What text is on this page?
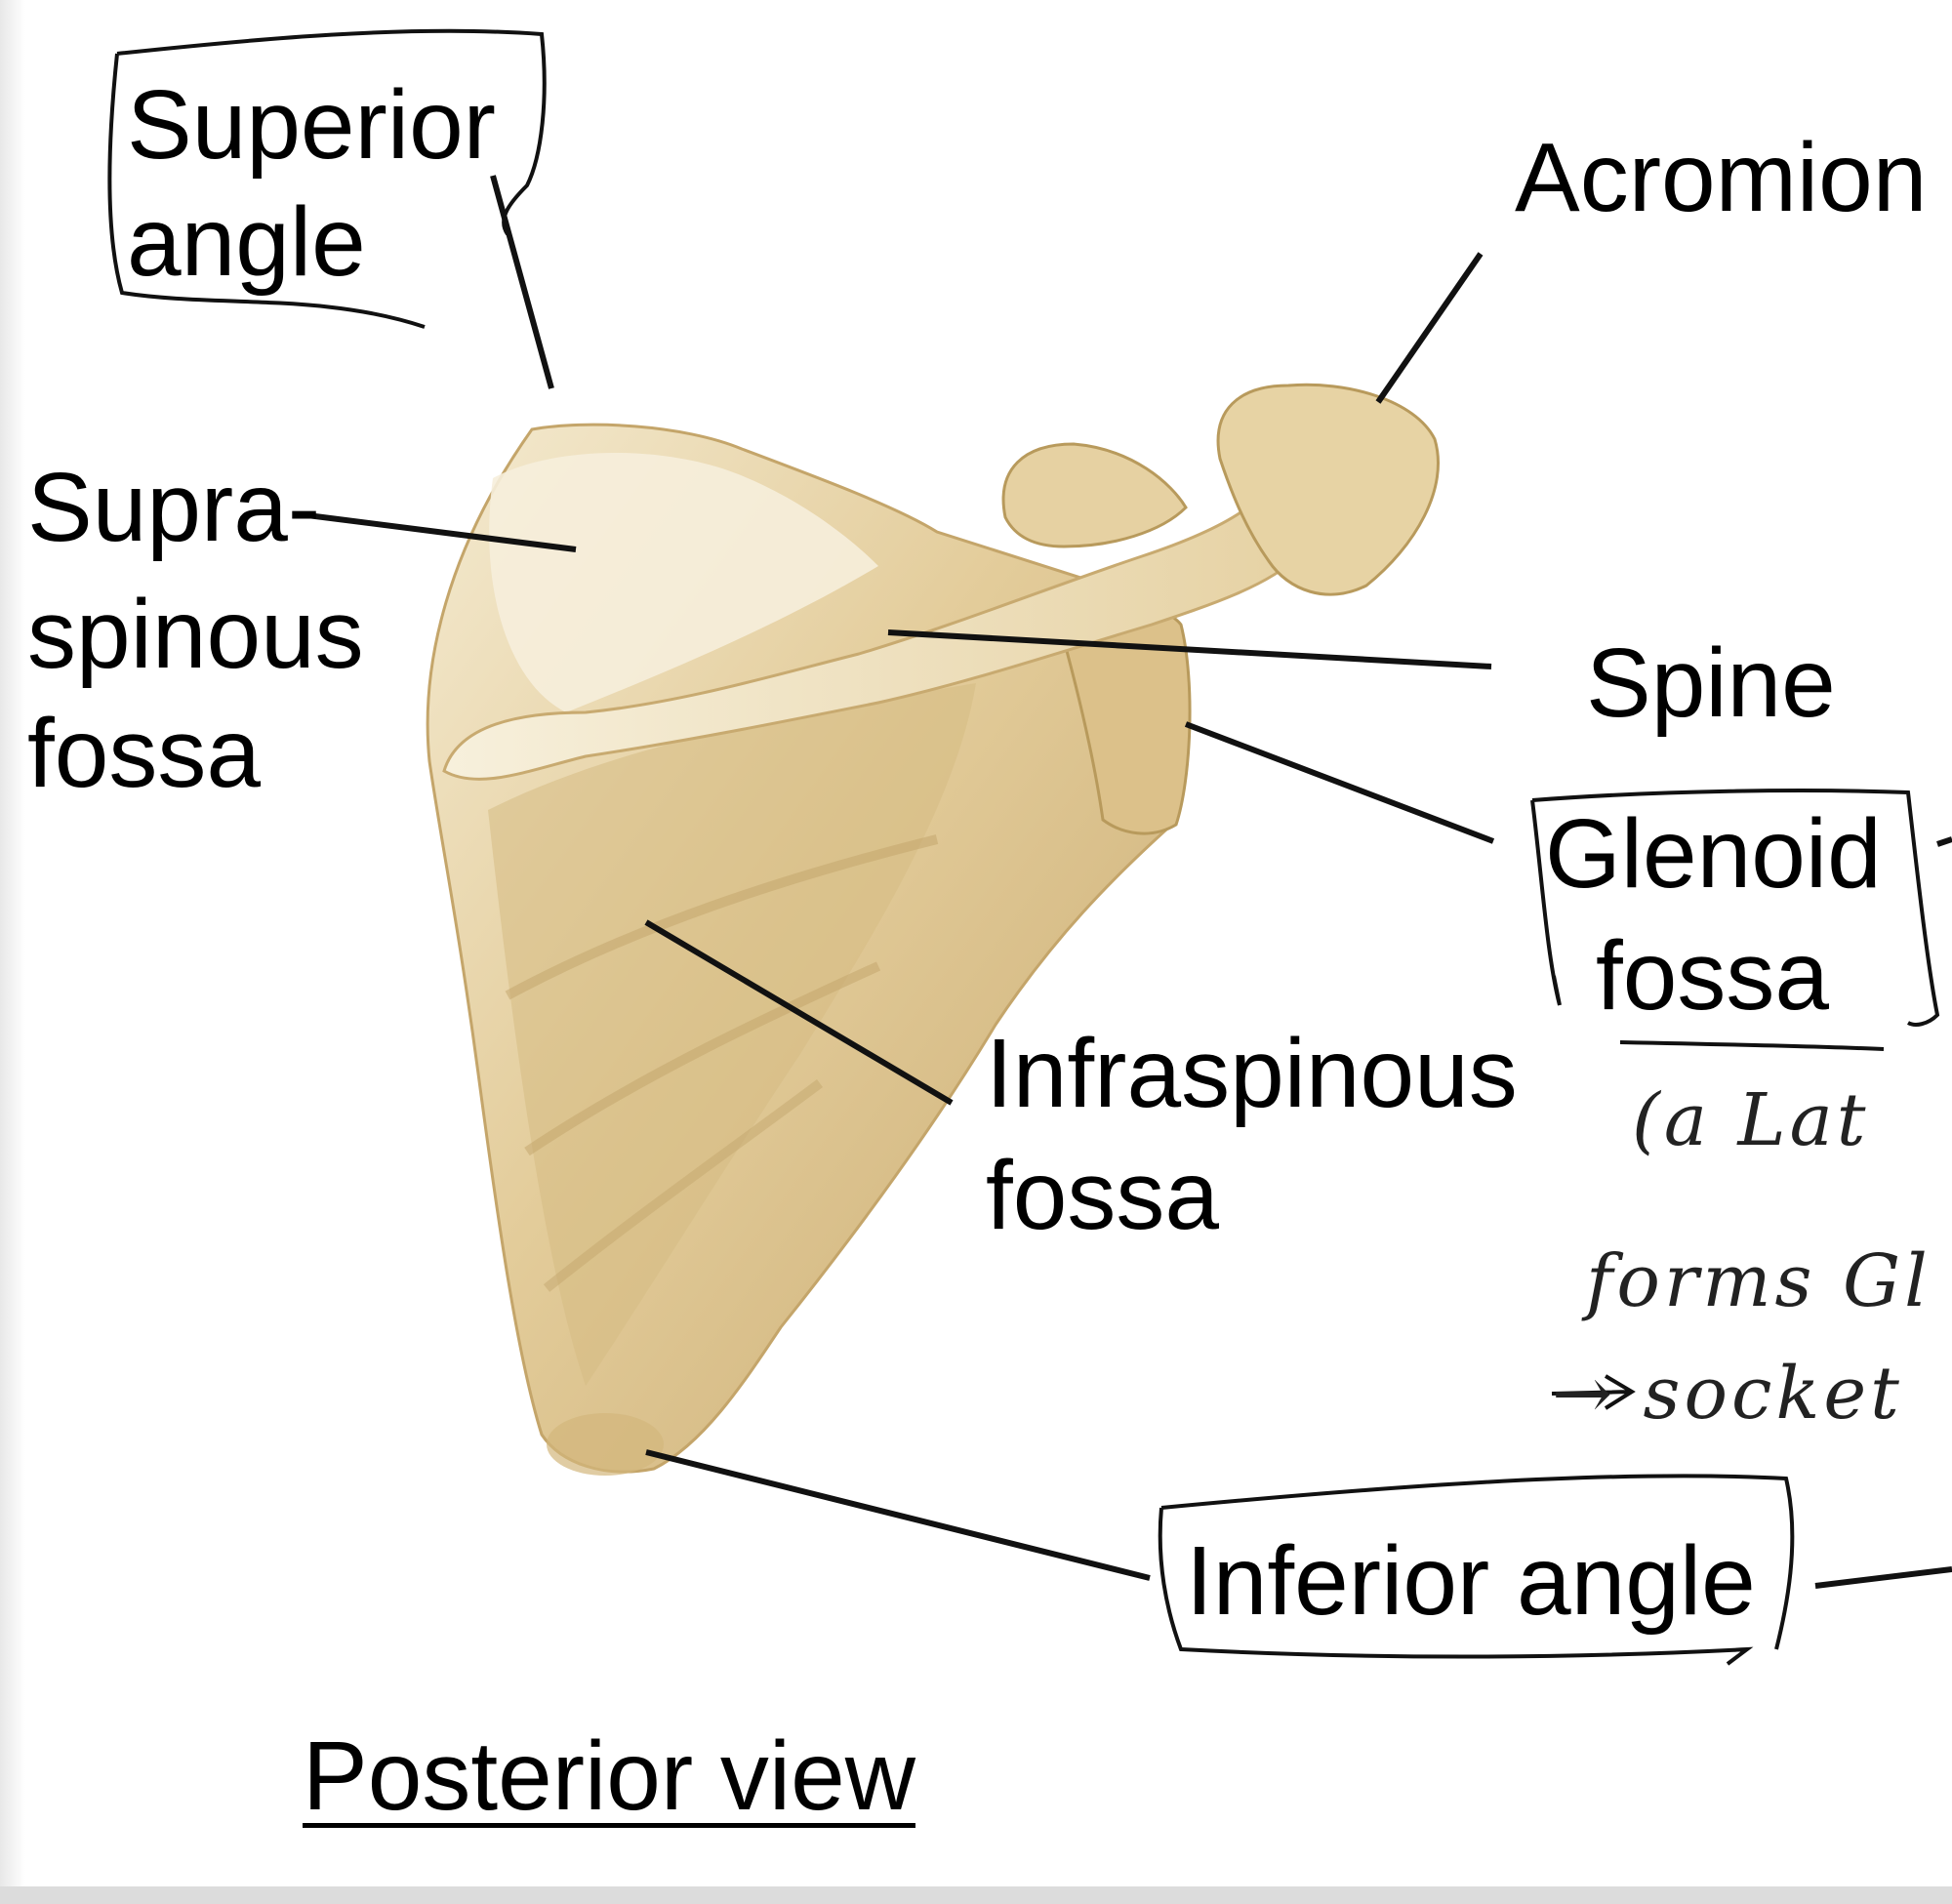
Superior
angle
Acromion
Supra-
spinous
fossa
Spine
Glenoid
fossa
Infraspinous
fossa
Inferior angle
Posterior view
(a Lat
forms Gl
→ socket
